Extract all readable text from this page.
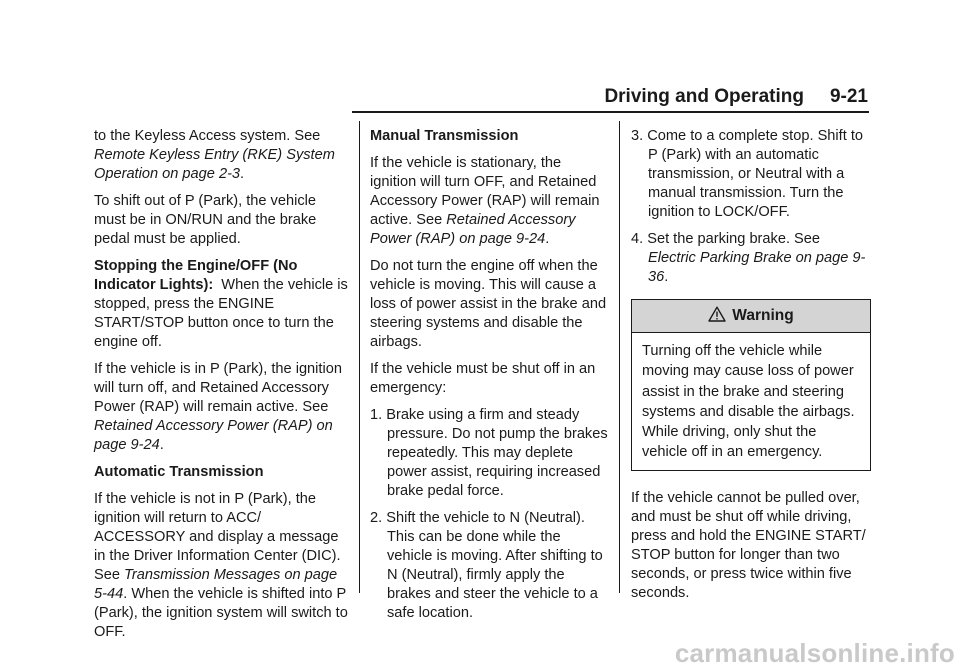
Driving and Operating 9-21

to the Keyless Access system. See Remote Keyless Entry (RKE) System Operation on page 2-3.

To shift out of P (Park), the vehicle must be in ON/RUN and the brake pedal must be applied.

Stopping the Engine/OFF (No Indicator Lights): When the vehicle is stopped, press the ENGINE START/STOP button once to turn the engine off.

If the vehicle is in P (Park), the ignition will turn off, and Retained Accessory Power (RAP) will remain active. See Retained Accessory Power (RAP) on page 9-24.

Automatic Transmission

If the vehicle is not in P (Park), the ignition will return to ACC/ ACCESSORY and display a message in the Driver Information Center (DIC). See Transmission Messages on page 5-44. When the vehicle is shifted into P (Park), the ignition system will switch to OFF.

Manual Transmission

If the vehicle is stationary, the ignition will turn OFF, and Retained Accessory Power (RAP) will remain active. See Retained Accessory Power (RAP) on page 9-24.

Do not turn the engine off when the vehicle is moving. This will cause a loss of power assist in the brake and steering systems and disable the airbags.

If the vehicle must be shut off in an emergency:

1. Brake using a firm and steady pressure. Do not pump the brakes repeatedly. This may deplete power assist, requiring increased brake pedal force.
2. Shift the vehicle to N (Neutral). This can be done while the vehicle is moving. After shifting to N (Neutral), firmly apply the brakes and steer the vehicle to a safe location.
3. Come to a complete stop. Shift to P (Park) with an automatic transmission, or Neutral with a manual transmission. Turn the ignition to LOCK/OFF.
4. Set the parking brake. See Electric Parking Brake on page 9-36.
Warning
Turning off the vehicle while moving may cause loss of power assist in the brake and steering systems and disable the airbags. While driving, only shut the vehicle off in an emergency.

If the vehicle cannot be pulled over, and must be shut off while driving, press and hold the ENGINE START/ STOP button for longer than two seconds, or press twice within five seconds.

carmanualsonline.info
